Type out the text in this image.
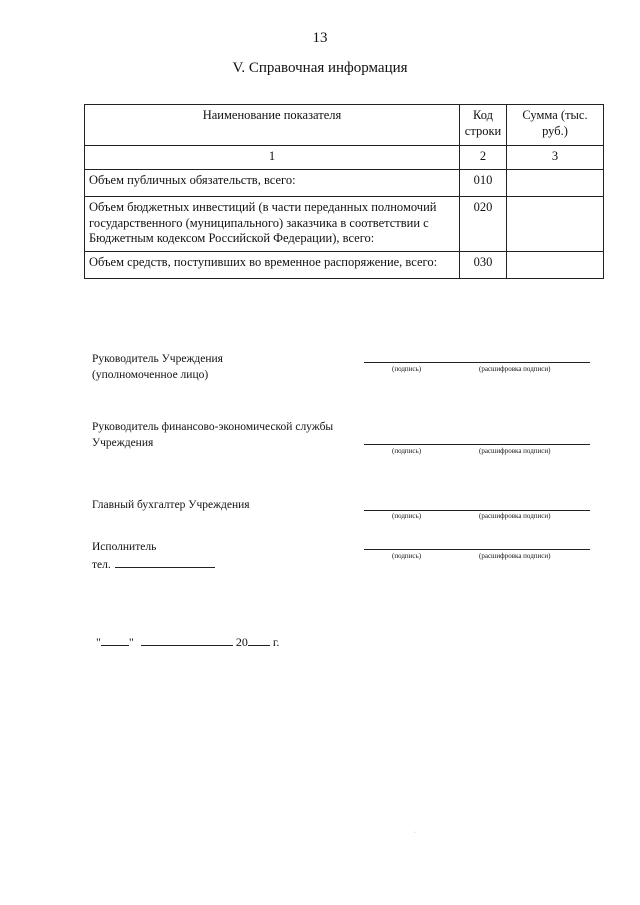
13
V. Справочная информация
Наименование показателя	Код строки	Сумма (тыс. руб.)
1	2	3
Объем публичных обязательств, всего:	010	
Объем бюджетных инвестиций (в части переданных полномочий государственного (муниципального) заказчика в соответствии с Бюджетным кодексом Российской Федерации), всего:	020	
Объем средств, поступивших во временное распоряжение, всего:	030	
Руководитель Учреждения
(уполномоченное лицо)	(подпись)	(расшифровка подписи)
Руководитель финансово-экономической службы
Учреждения
(подпись)	(расшифровка подписи)
Главный бухгалтер Учреждения
(подпись)	(расшифровка подписи)
Исполнитель
тел.
(подпись)	(расшифровка подписи)
" "	20 г.
·
